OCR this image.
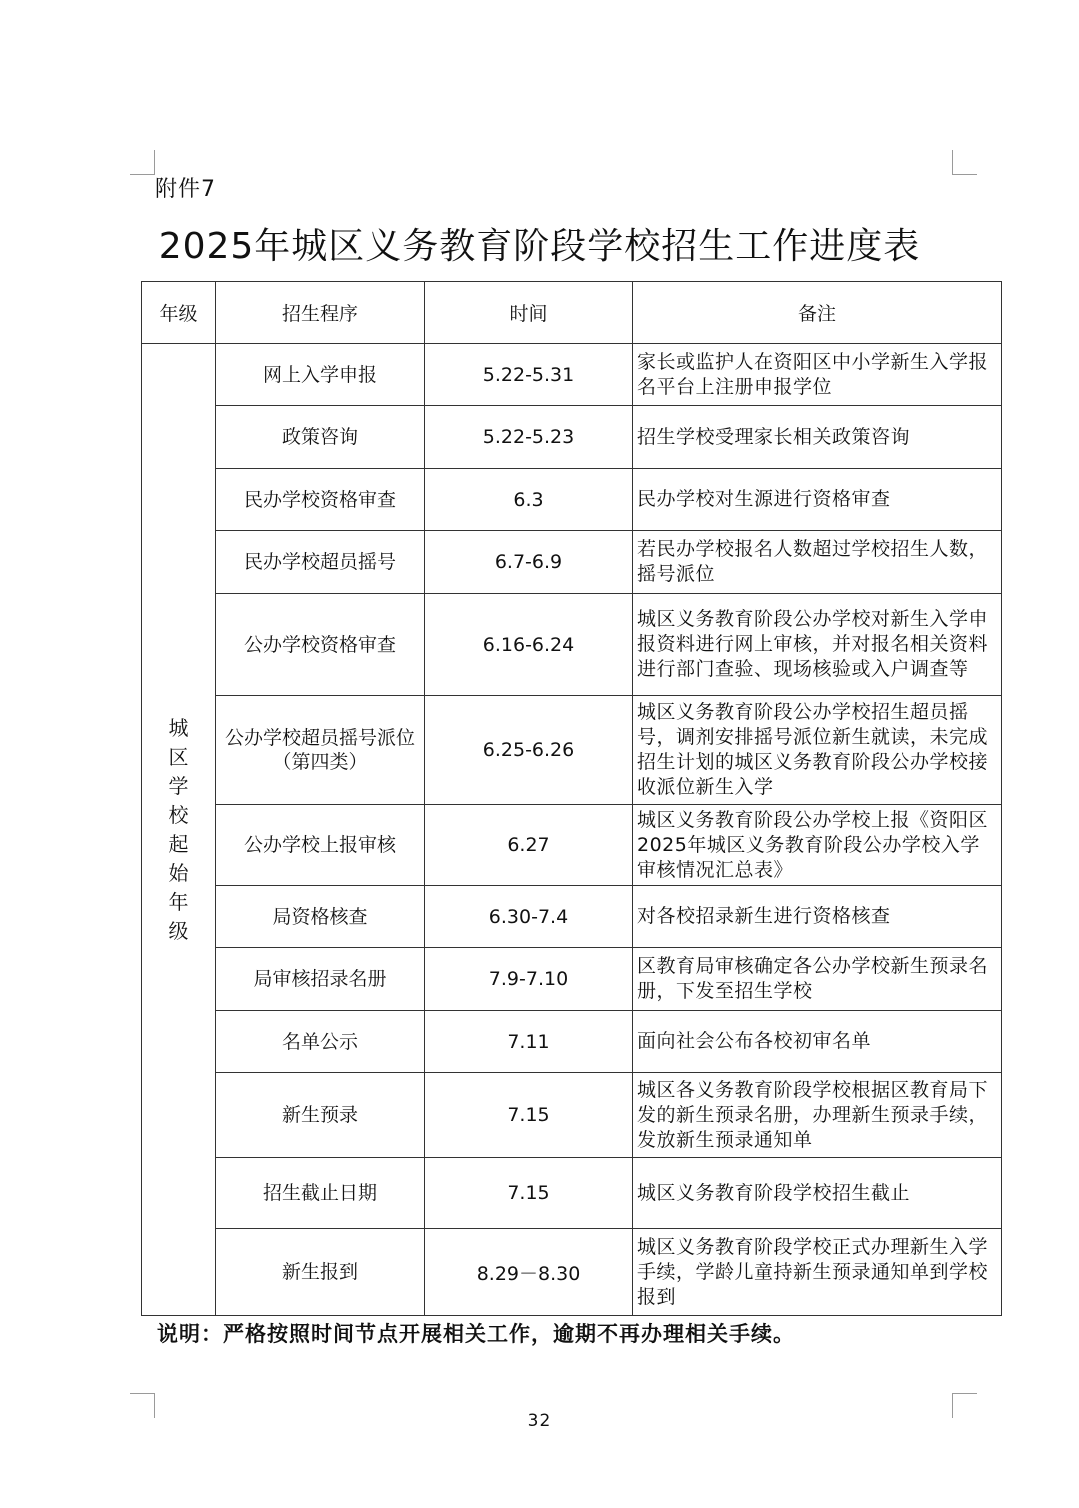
附件7
2025年城区义务教育阶段学校招生工作进度表
年级	招生程序	时间	备注
城区学校起始年级	网上入学申报	5.22-5.31	家长或监护人在资阳区中小学新生入学报名平台上注册申报学位
	政策咨询	5.22-5.23	招生学校受理家长相关政策咨询
	民办学校资格审查	6.3	民办学校对生源进行资格审查
	民办学校超员摇号	6.7-6.9	若民办学校报名人数超过学校招生人数，摇号派位
	公办学校资格审查	6.16-6.24	城区义务教育阶段公办学校对新生入学申报资料进行网上审核，并对报名相关资料进行部门查验、现场核验或入户调查等
	公办学校超员摇号派位（第四类）	6.25-6.26	城区义务教育阶段公办学校招生超员摇号，调剂安排摇号派位新生就读，未完成招生计划的城区义务教育阶段公办学校接收派位新生入学
	公办学校上报审核	6.27	城区义务教育阶段公办学校上报《资阳区2025年城区义务教育阶段公办学校入学审核情况汇总表》
	局资格核查	6.30-7.4	对各校招录新生进行资格核查
	局审核招录名册	7.9-7.10	区教育局审核确定各公办学校新生预录名册，下发至招生学校
	名单公示	7.11	面向社会公布各校初审名单
	新生预录	7.15	城区各义务教育阶段学校根据区教育局下发的新生预录名册，办理新生预录手续，发放新生预录通知单
	招生截止日期	7.15	城区义务教育阶段学校招生截止
	新生报到	8.29－8.30	城区义务教育阶段学校正式办理新生入学手续，学龄儿童持新生预录通知单到学校报到
说明：严格按照时间节点开展相关工作，逾期不再办理相关手续。
32
